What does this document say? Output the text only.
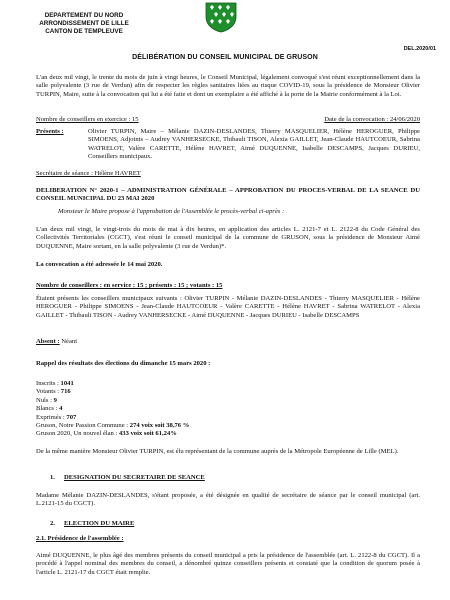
DEPARTEMENT DU NORD
ARRONDISSEMENT DE LILLE
CANTON DE TEMPLEUVE
DEL.2020/01
DÉLIBÉRATION DU CONSEIL MUNICIPAL DE GRUSON
L'an deux mil vingt, le trente du mois de juin à vingt heures, le Conseil Municipal, légalement convoqué s'est réuni exceptionnellement dans la salle polyvalente (3 rue de Verdun) afin de respecter les règles sanitaires liées au risque COVID-19, sous la présidence de Monsieur Olivier TURPIN, Maire, suite à la convocation qui lui a été faite et dont un exemplaire a été affiché à la porte de la Mairie conformément à la Loi.
Nombre de conseillers en exercice : 15	Date de la convocation : 24/06/2020
Présents :	Olivier TURPIN, Maire – Mélanie DAZIN-DESLANDES, Thierry MASQUELIER, Hélène HEROGUER, Philippe SIMOENS, Adjoints – Audrey VANHERSECKE, Thibault TISON, Alexia GAILLET, Jean-Claude HAUTCOEUR, Sabrina WATRELOT, Valère CARETTE, Hélène HAVRET, Aimé DUQUENNE, Isabelle DESCAMPS, Jacques DURIEU, Conseillers municipaux.
Secrétaire de séance : Hélène HAVRET
DELIBERATION N° 2020-1 – ADMINISTRATION GÉNÉRALE – APPROBATION DU PROCES-VERBAL DE LA SEANCE DU CONSEIL MUNICIPAL DU 23 MAI 2020
Monsieur le Maire propose à l'approbation de l'Assemblée le procès-verbal ci-après :
L'an deux mil vingt, le vingt-trois du mois de mai à dix heures, en application des articles L. 2121-7 et L. 2122-8 du Code Général des Collectivités Territoriales (CGCT), s'est réuni le conseil municipal de la commune de GRUSON, sous la présidence de Monsieur Aimé DUQUENNE, Maire sortant, en la salle polyvalente (3 rue de Verdun)*.
La convocation a été adressée le 14 mai 2020.
Nombre de conseillers : en service : 15 ; présents : 15 ; votants : 15
Étaient présents les conseillers municipaux suivants : Olivier TURPIN - Mélanie DAZIN-DESLANDES - Thierry MASQUELIER - Hélène HEROGUER - Philippe SIMOENS - Jean-Claude HAUTCOEUR - Valère CARETTE - Hélène HAVRET - Sabrina WATRELOT - Alexia GAILLET - Thibault TISON - Audrey VANHERSECKE - Aimé DUQUENNE - Jacques DURIEU - Isabelle DESCAMPS
Absent : Néant
Rappel des résultats des élections du dimanche 15 mars 2020 :
Inscrits : 1041
Votants : 716
Nuls : 9
Blancs : 4
Exprimés : 707
Gruson, Notre Passion Commune : 274 voix soit 38,76 %
Gruson 2020, Un nouvel élan : 433 voix soit 61,24%
De la même manière Monsieur Olivier TURPIN, est élu représentant de la commune auprès de la Métropole Européenne de Lille (MEL).
1. DESIGNATION DU SECRETAIRE DE SEANCE
Madame Mélanie DAZIN-DESLANDES, s'étant proposée, a été désignée en qualité de secrétaire de séance par le conseil municipal (art. L.2121-15 du CGCT).
2. ELECTION DU MAIRE
2.1. Présidence de l'assemblée :
Aimé DUQUENNE, le plus âgé des membres présents du conseil municipal a pris la présidence de l'assemblée (art. L. 2122-8 du CGCT). Il a procédé à l'appel nominal des membres du conseil, a dénombré quinze conseillers présents et constaté que la condition de quorum posée à l'article L. 2121-17 du CGCT était remplie.
